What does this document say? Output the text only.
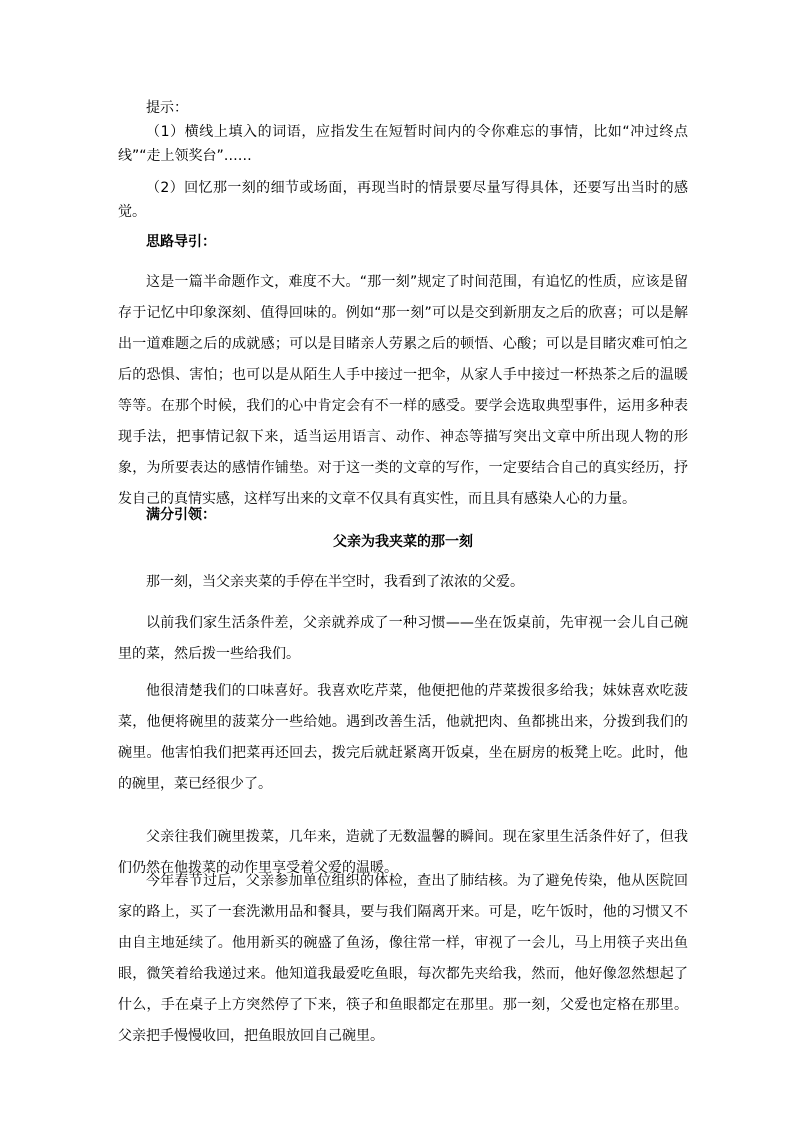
提示：

（1）横线上填入的词语，应指发生在短暂时间内的令你难忘的事情，比如“冲过终点线”“走上领奖台”……

（2）回忆那一刻的细节或场面，再现当时的情景要尽量写得具体，还要写出当时的感觉。

思路导引：

这是一篇半命题作文，难度不大。“那一刻”规定了时间范围，有追忆的性质，应该是留存于记忆中印象深刻、值得回味的。例如“那一刻”可以是交到新朋友之后的欣喜；可以是解出一道难题之后的成就感；可以是目睹亲人劳累之后的顿悟、心酸；可以是目睹灾难可怕之后的恐惧、害怕；也可以是从陌生人手中接过一把伞，从家人手中接过一杯热茶之后的温暖等等。在那个时候，我们的心中肯定会有不一样的感受。要学会选取典型事件，运用多种表现手法，把事情记叙下来，适当运用语言、动作、神态等描写突出文章中所出现人物的形象，为所要表达的感情作铺垫。对于这一类的文章的写作，一定要结合自己的真实经历，抒发自己的真情实感，这样写出来的文章不仅具有真实性，而且具有感染人心的力量。

满分引领：

父亲为我夹菜的那一刻

那一刻，当父亲夹菜的手停在半空时，我看到了浓浓的父爱。

以前我们家生活条件差，父亲就养成了一种习惯——坐在饭桌前，先审视一会儿自己碗里的菜，然后拨一些给我们。

他很清楚我们的口味喜好。我喜欢吃芹菜，他便把他的芹菜拨很多给我；妹妹喜欢吃菠菜，他便将碗里的菠菜分一些给她。遇到改善生活，他就把肉、鱼都挑出来，分拨到我们的碗里。他害怕我们把菜再还回去，拨完后就赶紧离开饭桌，坐在厨房的板凳上吃。此时，他的碗里，菜已经很少了。

父亲往我们碗里拨菜，几年来，造就了无数温馨的瞬间。现在家里生活条件好了，但我们仍然在他拨菜的动作里享受着父爱的温暖。

今年春节过后，父亲参加单位组织的体检，查出了肺结核。为了避免传染，他从医院回家的路上，买了一套洗漱用品和餐具，要与我们隔离开来。可是，吃午饭时，他的习惯又不由自主地延续了。他用新买的碗盛了鱼汤，像往常一样，审视了一会儿，马上用筷子夹出鱼眼，微笑着给我递过来。他知道我最爱吃鱼眼，每次都先夹给我，然而，他好像忽然想起了什么，手在桌子上方突然停了下来，筷子和鱼眼都定在那里。那一刻，父爱也定格在那里。父亲把手慢慢收回，把鱼眼放回自己碗里。
